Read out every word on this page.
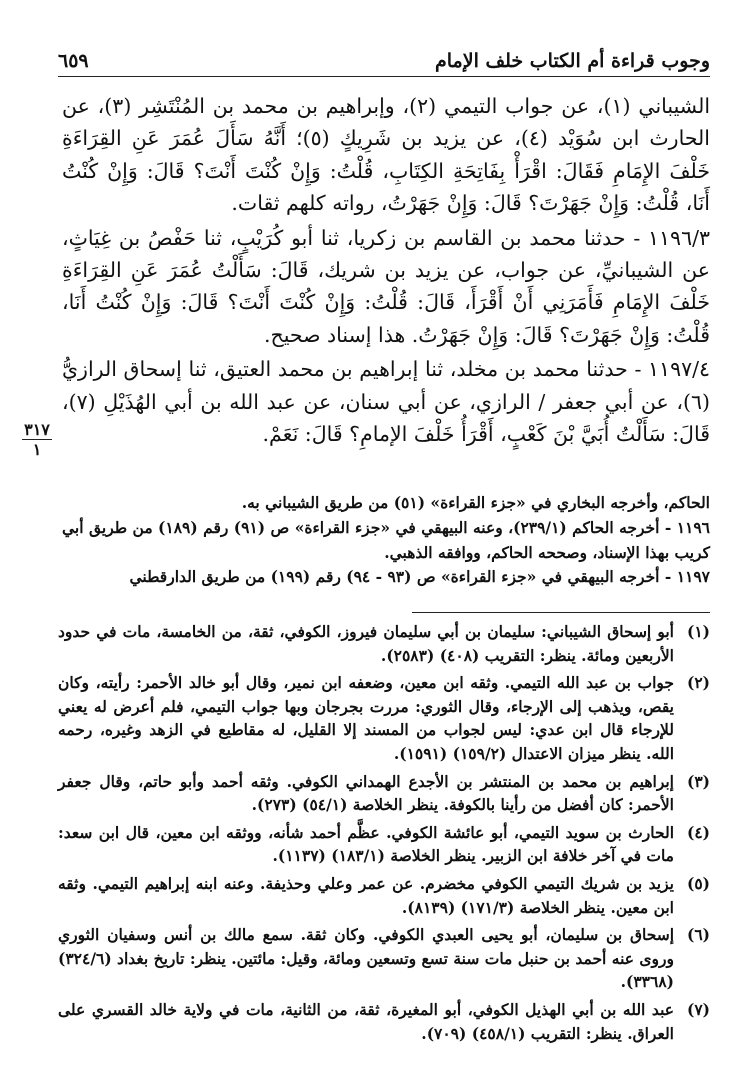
وجوب قراءة أم الكتاب خلف الإمام
٦٥٩

الشيباني (١)، عن جواب التيمي (٢)، وإبراهيم بن محمد بن المُنْتَشِر (٣)، عن الحارث ابن سُوَيْد (٤)، عن يزيد بن شَرِيكٍ (٥)؛ أَنَّهُ سَأَلَ عُمَرَ عَنِ القِرَاءَةِ خَلْفَ الإِمَامِ فَقَالَ: اقْرَأْ بِفَاتِحَةِ الكِتَابِ، قُلْتُ: وَإِنْ كُنْتَ أَنْتَ؟ قَالَ: وَإِنْ كُنْتُ أَنَا، قُلْتُ: وَإِنْ جَهَرْتَ؟ قَالَ: وَإِنْ جَهَرْتُ، رواته كلهم ثقات.

١١٩٦/٣ - حدثنا محمد بن القاسم بن زكريا، ثنا أبو كُرَيْبٍ، ثنا حَفْصُ بن غِيَاثٍ، عن الشيبانيِّ، عن جواب، عن يزيد بن شريك، قَالَ: سَأَلْتُ عُمَرَ عَنِ القِرَاءَةِ خَلْفَ الإِمَامِ فَأَمَرَنِي أَنْ أَقْرَأَ، قَالَ: قُلْتُ: وَإِنْ كُنْتَ أَنْتَ؟ قَالَ: وَإِنْ كُنْتُ أَنَا، قُلْتُ: وَإِنْ جَهَرْتَ؟ قَالَ: وَإِنْ جَهَرْتُ. هذا إسناد صحيح.

١١٩٧/٤ - حدثنا محمد بن مخلد، ثنا إبراهيم بن محمد العتيق، ثنا إسحاق الرازيُّ (٦)، عن أبي جعفر / الرازي، عن أبي سنان، عن عبد الله بن أبي الهُذَيْلِ (٧)، قَالَ: سَأَلْتُ أُبَيَّ بْنَ كَعْبٍ، أَقْرَأُ خَلْفَ الإمامِ؟ قَالَ: نَعَمْ.

٣١٧
١

الحاكم، وأخرجه البخاري في «جزء القراءة» (٥١) من طريق الشيباني به.

١١٩٦ - أخرجه الحاكم (٢٣٩/١)، وعنه البيهقي في «جزء القراءة» ص (٩١) رقم (١٨٩) من طريق أبي كريب بهذا الإسناد، وصححه الحاكم، ووافقه الذهبي.

١١٩٧ - أخرجه البيهقي في «جزء القراءة» ص (٩٣ - ٩٤) رقم (١٩٩) من طريق الدارقطني

(١)
أبو إسحاق الشيباني: سليمان بن أبي سليمان فيروز، الكوفي، ثقة، من الخامسة، مات في حدود الأربعين ومائة. ينظر: التقريب (٤٠٨) (٢٥٨٣).
(٢)
جواب بن عبد الله التيمي. وثقه ابن معين، وضعفه ابن نمير، وقال أبو خالد الأحمر: رأيته، وكان يقص، ويذهب إلى الإرجاء، وقال الثوري: مررت بجرجان وبها جواب التيمي، فلم أعرض له يعني للإرجاء قال ابن عدي: ليس لجواب من المسند إلا القليل، له مقاطيع في الزهد وغيره، رحمه الله. ينظر ميزان الاعتدال (١٥٩/٢) (١٥٩١).
(٣)
إبراهيم بن محمد بن المنتشر بن الأجدع الهمداني الكوفي. وثقه أحمد وأبو حاتم، وقال جعفر الأحمر: كان أفضل من رأينا بالكوفة. ينظر الخلاصة (٥٤/١) (٢٧٣).
(٤)
الحارث بن سويد التيمي، أبو عائشة الكوفي. عظَّم أحمد شأنه، ووثقه ابن معين، قال ابن سعد: مات في آخر خلافة ابن الزبير. ينظر الخلاصة (١٨٣/١) (١١٣٧).
(٥)
يزيد بن شريك التيمي الكوفي مخضرم. عن عمر وعلي وحذيفة. وعنه ابنه إبراهيم التيمي. وثقه ابن معين. ينظر الخلاصة (١٧١/٣) (٨١٣٩).
(٦)
إسحاق بن سليمان، أبو يحيى العبدي الكوفي. وكان ثقة. سمع مالك بن أنس وسفيان الثوري وروى عنه أحمد بن حنبل مات سنة تسع وتسعين ومائة، وقيل: مائتين. ينظر: تاريخ بغداد (٣٢٤/٦) (٣٣٦٨).
(٧)
عبد الله بن أبي الهذيل الكوفي، أبو المغيرة، ثقة، من الثانية، مات في ولاية خالد القسري على العراق. ينظر: التقريب (٤٥٨/١) (٧٠٩).
